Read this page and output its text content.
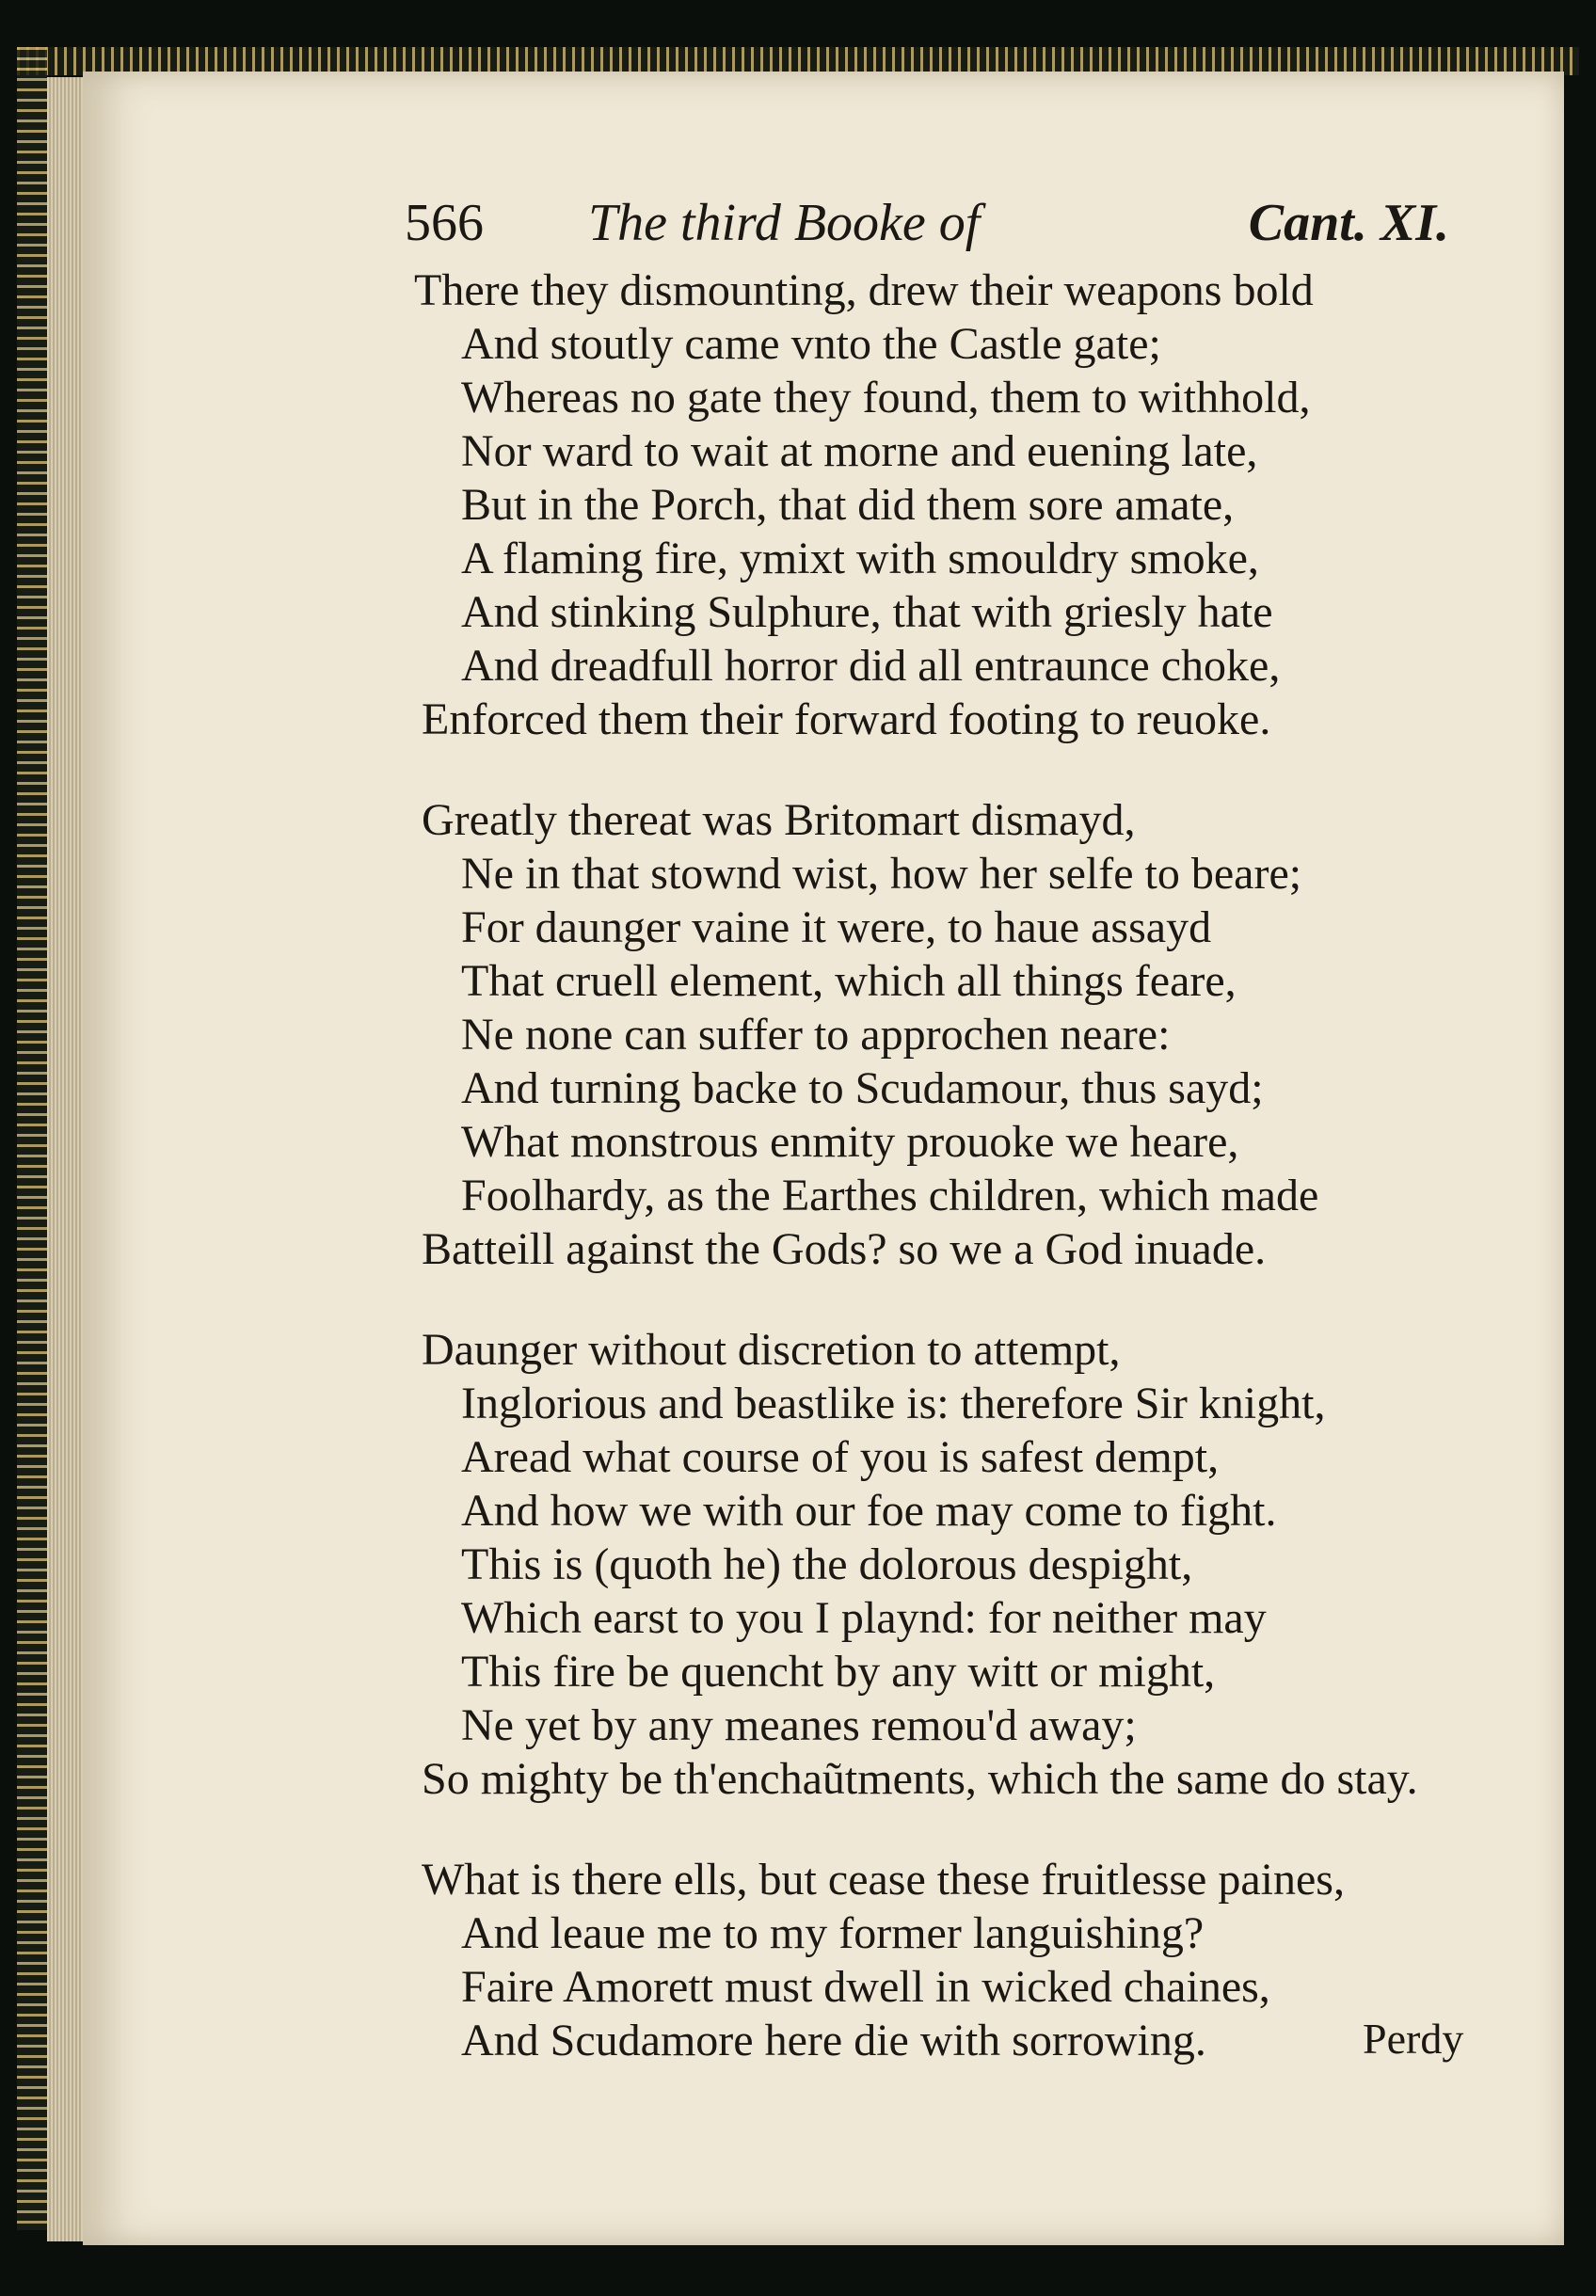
566 The third Booke of	Cant. XI.
There they dismounting, drew their weapons bold
And stoutly came vnto the Castle gate;
Whereas no gate they found, them to withhold,
Nor ward to wait at morne and euening late,
But in the Porch, that did them sore amate,
A flaming fire, ymixt with smouldry smoke,
And stinking Sulphure, that with griesly hate
And dreadfull horror did all entraunce choke,
Enforced them their forward footing to reuoke.
Greatly thereat was Britomart dismayd,
Ne in that stownd wist, how her selfe to beare;
For daunger vaine it were, to haue assayd
That cruell element, which all things feare,
Ne none can suffer to approchen neare:
And turning backe to Scudamour, thus sayd;
What monstrous enmity prouoke we heare,
Foolhardy, as the Earthes children, which made
Batteill against the Gods? so we a God inuade.
Daunger without discretion to attempt,
Inglorious and beastlike is: therefore Sir knight,
Aread what course of you is safest dempt,
And how we with our foe may come to fight.
This is (quoth he) the dolorous despight,
Which earst to you I playnd: for neither may
This fire be quencht by any witt or might,
Ne yet by any meanes remou'd away;
So mighty be th'enchaũtments, which the same do stay.
What is there ells, but cease these fruitlesse paines,
And leaue me to my former languishing?
Faire Amorett must dwell in wicked chaines,
And Scudamore here die with sorrowing.	Perdy
